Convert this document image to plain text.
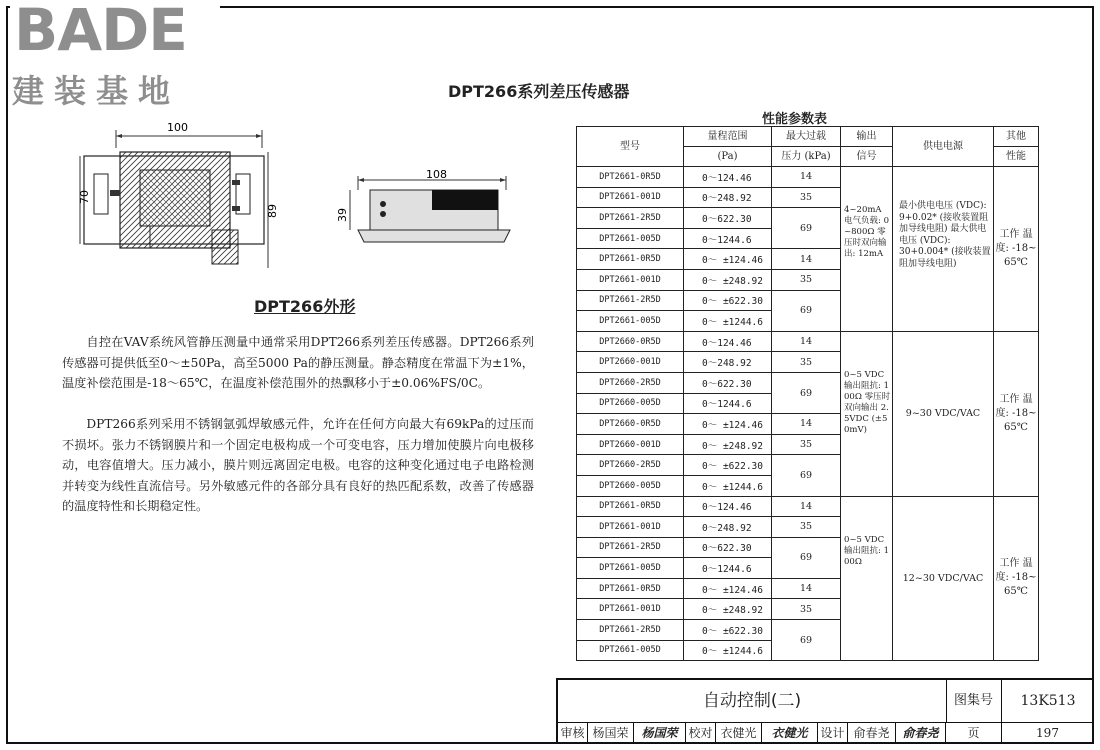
BADE
建装基地	DPT266系列差压传感器
70
89
100
108
39
DPT266外形

自控在VAV系统风管静压测量中通常采用DPT266系列差压传感器。DPT266系列传感器可提供低至0～±50Pa，高至5000 Pa的静压测量。静态精度在常温下为±1%，温度补偿范围是-18～65℃，在温度补偿范围外的热飘移小于±0.06%FS/0C。

DPT266系列采用不锈钢氩弧焊敏感元件，允许在任何方向最大有69kPa的过压而不损坏。张力不锈钢膜片和一个固定电极构成一个可变电容，压力增加使膜片向电极移动，电容值增大。压力减小，膜片则远离固定电极。电容的这种变化通过电子电路检测并转变为线性直流信号。另外敏感元件的各部分具有良好的热匹配系数，改善了传感器的温度特性和长期稳定性。

性能参数表
型号	量程范围	最大过载	输出	供电电源	其他
	(Pa)	压力 (kPa)	信号		性能
DPT2661-0R5D	0～124.46	14	4~20mA 电气负载: 0~800Ω 零压时双向输出: 12mA	最小供电电压 (VDC): 9+0.02* (接收装置阻加导线电阻) 最大供电电压 (VDC): 30+0.004* (接收装置阻加导线电阻)	工作 温度: -18~ 65℃
DPT2661-001D	0～248.92	35			
DPT2661-2R5D	0～622.30	69			
DPT2661-005D	0～1244.6				
DPT2661-0R5D	0～ ±124.46	14			
DPT2661-001D	0～ ±248.92	35			
DPT2661-2R5D	0～ ±622.30	69			
DPT2661-005D	0～ ±1244.6				
DPT2660-0R5D	0～124.46	14	0~5 VDC 输出阻抗: 100Ω 零压时双向输出 2.5VDC (±50mV)	9~30 VDC/VAC	工作 温度: -18~ 65℃
DPT2660-001D	0～248.92	35			
DPT2660-2R5D	0～622.30	69			
DPT2660-005D	0～1244.6				
DPT2660-0R5D	0～ ±124.46	14			
DPT2660-001D	0～ ±248.92	35			
DPT2660-2R5D	0～ ±622.30	69			
DPT2660-005D	0～ ±1244.6				
DPT2661-0R5D	0～124.46	14	0~5 VDC 输出阻抗: 100Ω	12~30 VDC/VAC	工作 温度: -18~ 65℃
DPT2661-001D	0～248.92	35			
DPT2661-2R5D	0～622.30	69			
DPT2661-005D	0～1244.6				
DPT2661-0R5D	0～ ±124.46	14			
DPT2661-001D	0～ ±248.92	35			
DPT2661-2R5D	0～ ±622.30	69			
DPT2661-005D	0～ ±1244.6				
自动控制(二)	图集号	13K513
审核 杨国荣	杨国荣 校对 衣健光	衣健光	设计 俞春尧	俞春尧	页	197
